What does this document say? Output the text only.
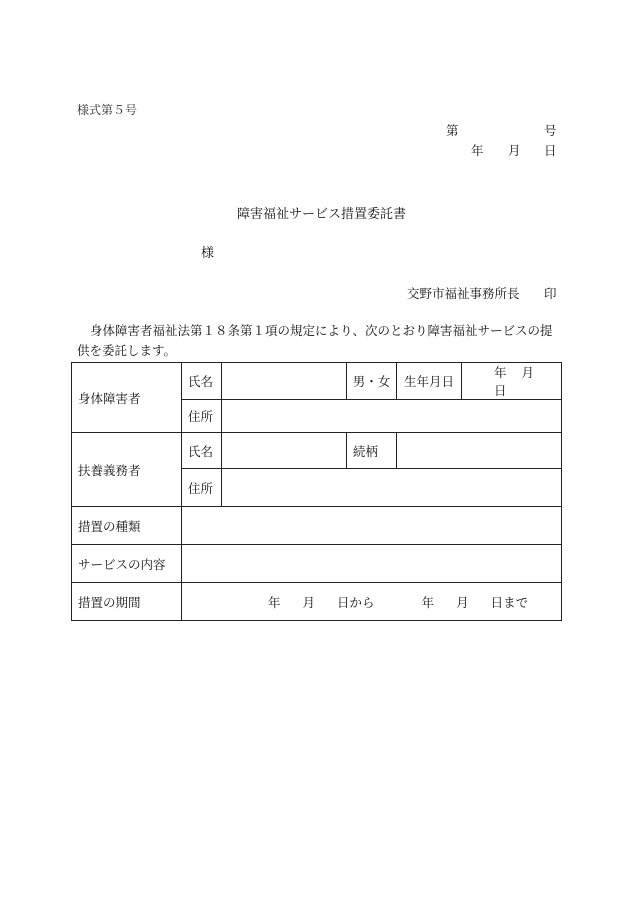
様式第５号
第	号
年 月 日
障害福祉サービス措置委託書
様
交野市福祉事務所長 印
身体障害者福祉法第１８条第１項の規定により、次のとおり障害福祉サービスの提供を委託します。
身体障害者	氏名		男・女	生年月日	年 月日
	住所				
扶養義務者	氏名		続柄		
	住所				
措置の種類					
サービスの内容					
措置の期間	年 月 日から 年 月 日まで				
